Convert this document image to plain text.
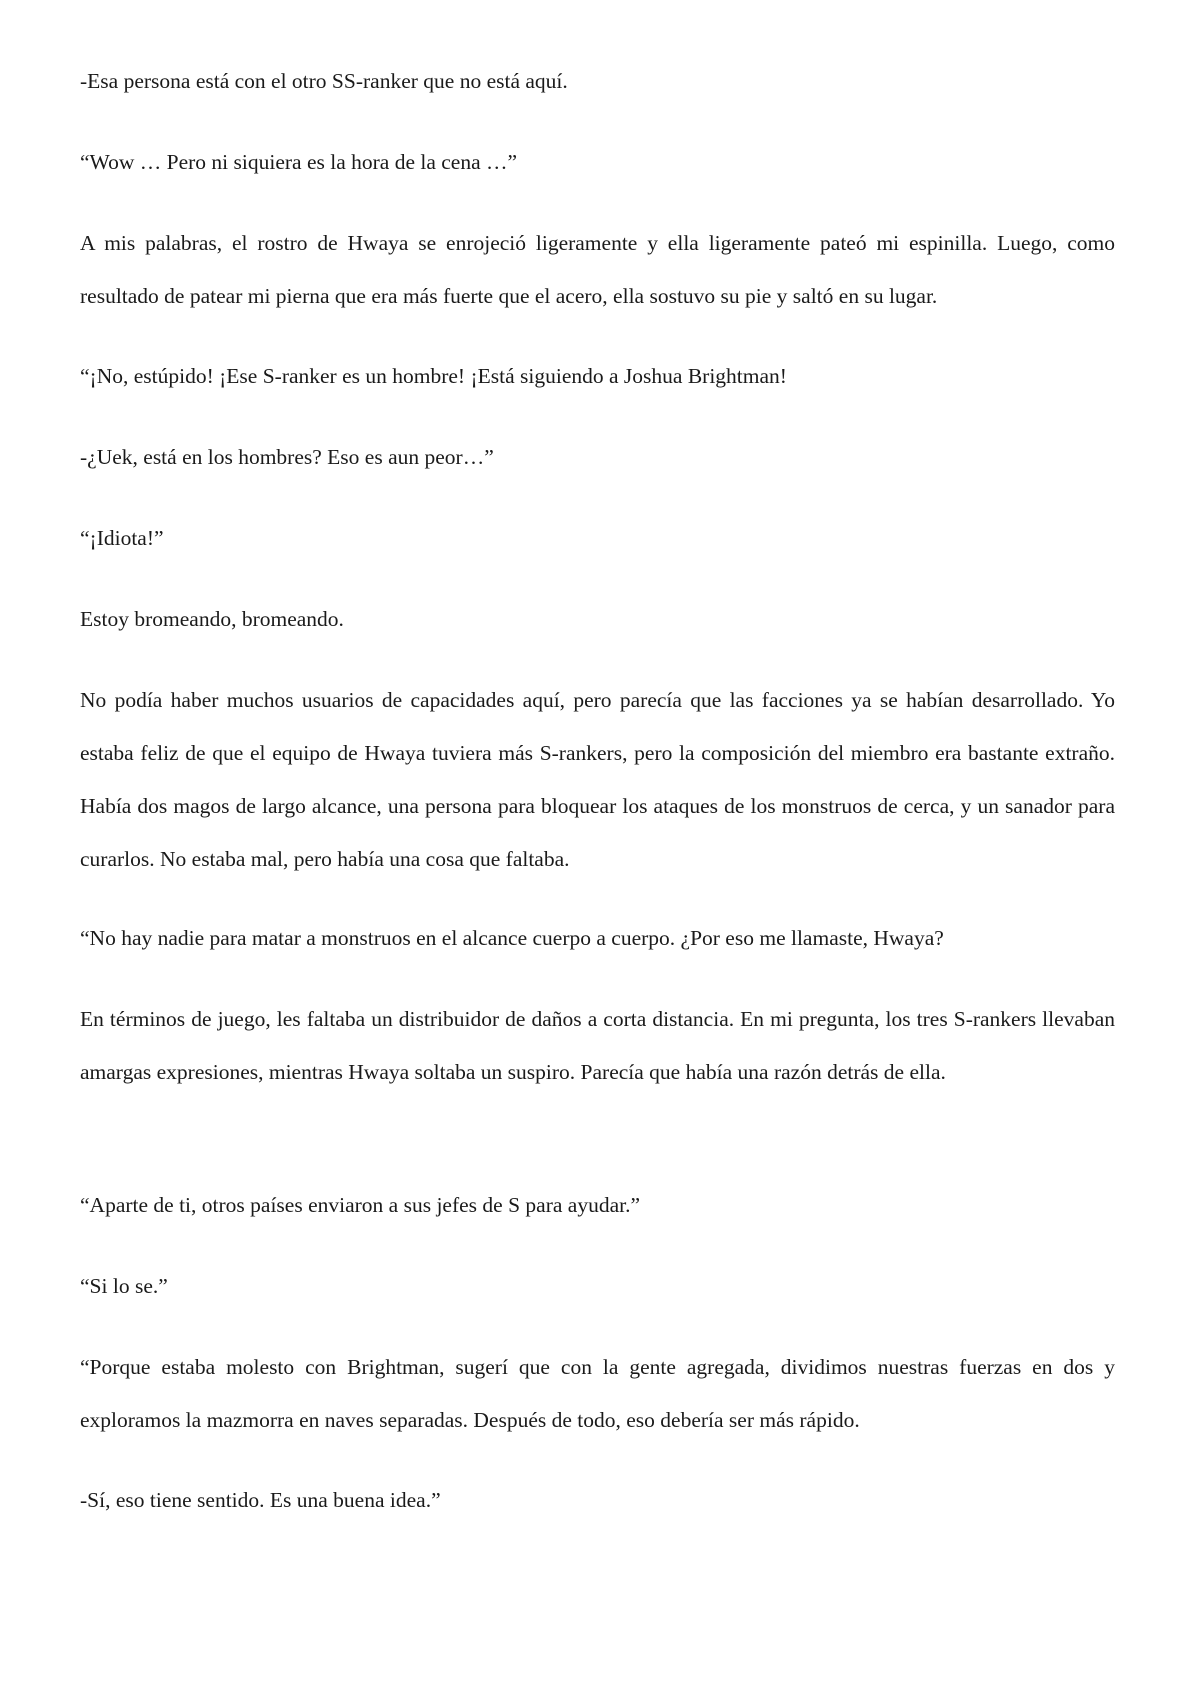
-Esa persona está con el otro SS-ranker que no está aquí.

“Wow … Pero ni siquiera es la hora de la cena …”

A mis palabras, el rostro de Hwaya se enrojeció ligeramente y ella ligeramente pateó mi espinilla. Luego, como resultado de patear mi pierna que era más fuerte que el acero, ella sostuvo su pie y saltó en su lugar.

“¡No, estúpido! ¡Ese S-ranker es un hombre! ¡Está siguiendo a Joshua Brightman!

-¿Uek, está en los hombres? Eso es aun peor…”

“¡Idiota!”

Estoy bromeando, bromeando.

No podía haber muchos usuarios de capacidades aquí, pero parecía que las facciones ya se habían desarrollado. Yo estaba feliz de que el equipo de Hwaya tuviera más S-rankers, pero la composición del miembro era bastante extraño. Había dos magos de largo alcance, una persona para bloquear los ataques de los monstruos de cerca, y un sanador para curarlos. No estaba mal, pero había una cosa que faltaba.

“No hay nadie para matar a monstruos en el alcance cuerpo a cuerpo. ¿Por eso me llamaste, Hwaya?

En términos de juego, les faltaba un distribuidor de daños a corta distancia. En mi pregunta, los tres S-rankers llevaban amargas expresiones, mientras Hwaya soltaba un suspiro. Parecía que había una razón detrás de ella.

“Aparte de ti, otros países enviaron a sus jefes de S para ayudar.”

“Si lo se.”

“Porque estaba molesto con Brightman, sugerí que con la gente agregada, dividimos nuestras fuerzas en dos y exploramos la mazmorra en naves separadas. Después de todo, eso debería ser más rápido.

-Sí, eso tiene sentido. Es una buena idea.”
